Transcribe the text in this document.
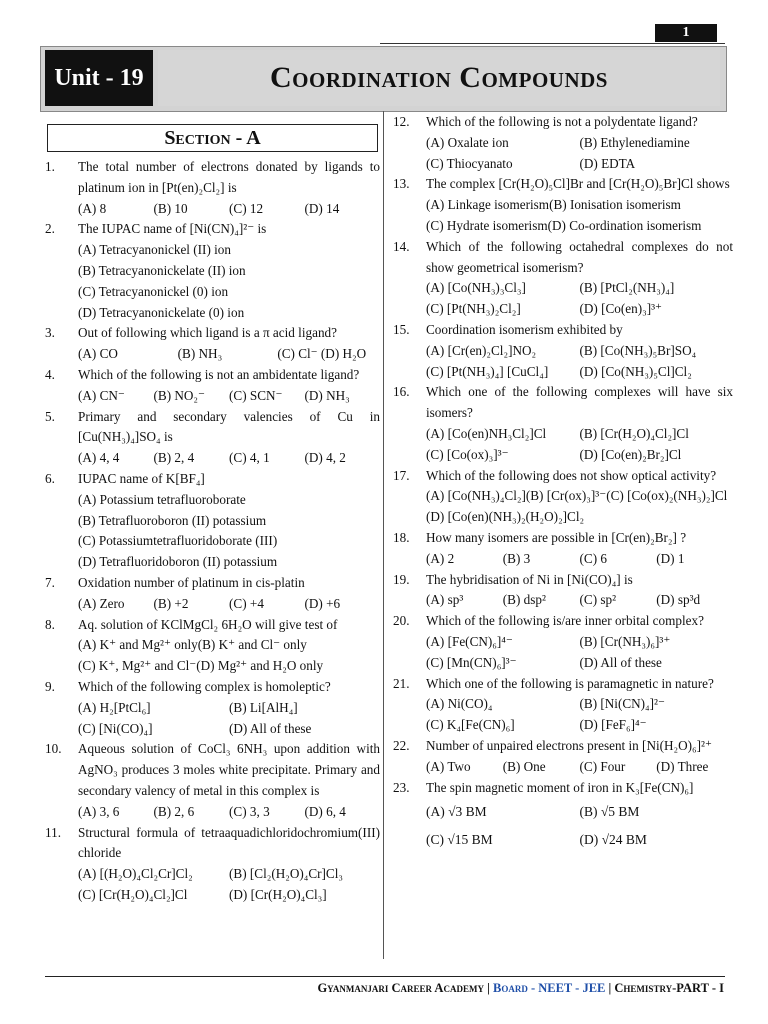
1
Unit - 19	Coordination Compounds
Section - A
1. The total number of electrons donated by ligands to platinum ion in [Pt(en)₂Cl₂] is
(A) 8	(B) 10	(C) 12	(D) 14
2. The IUPAC name of [Ni(CN)₄]²⁻ is
(A) Tetracyanonickel (II) ion
(B) Tetracyanonickelate (II) ion
(C) Tetracyanonickel (0) ion
(D) Tetracyanonickelate (0) ion
3. Out of following which ligand is a π acid ligand?
(A) CO	(B) NH₃	(C) Cl⁻ (D) H₂O
4. Which of the following is not an ambidentate ligand?
(A) CN⁻	(B) NO₂⁻	(C) SCN⁻	(D) NH₃
5. Primary and secondary valencies of Cu in [Cu(NH₃)₄]SO₄ is
(A) 4, 4	(B) 2, 4	(C) 4, 1	(D) 4, 2
6. IUPAC name of K[BF₄]
(A) Potassium tetrafluoroborate
(B) Tetrafluoroboron (II) potassium
(C) Potassiumtetrafluoridoborate (III)
(D) Tetrafluoridoboron (II) potassium
7. Oxidation number of platinum in cis-platin
(A) Zero	(B) +2	(C) +4	(D) +6
8. Aq. solution of KClMgCl₂ 6H₂O will give test of
(A) K⁺ and Mg²⁺ only (B) K⁺ and Cl⁻ only
(C) K⁺, Mg²⁺ and Cl⁻ (D) Mg²⁺ and H₂O only
9. Which of the following complex is homoleptic?
(A) H₂[PtCl₆]	(B) Li[AlH₄]
(C) [Ni(CO)₄]	(D) All of these
10. Aqueous solution of CoCl₃ 6NH₃ upon addition with AgNO₃ produces 3 moles white precipitate. Primary and secondary valency of metal in this complex is
(A) 3, 6	(B) 2, 6	(C) 3, 3	(D) 6, 4
11. Structural formula of tetraaquadichloridochromium(III) chloride
(A) [(H₂O)₄Cl₂Cr]Cl₂	(B) [Cl₂(H₂O)₄Cr]Cl₃
(C) [Cr(H₂O)₄Cl₂]Cl	(D) [Cr(H₂O)₄Cl₃]
12. Which of the following is not a polydentate ligand?
(A) Oxalate ion	(B) Ethylenediamine
(C) Thiocyanato	(D) EDTA
13. The complex [Cr(H₂O)₅Cl]Br and [Cr(H₂O)₅Br]Cl shows
(A) Linkage isomerism (B) Ionisation isomerism
(C) Hydrate isomerism (D) Co-ordination isomerism
14. Which of the following octahedral complexes do not show geometrical isomerism?
(A) [Co(NH₃)₃Cl₃]	(B) [PtCl₂(NH₃)₄]
(C) [Pt(NH₃)₂Cl₂]	(D) [Co(en)₃]³⁺
15. Coordination isomerism exhibited by
(A) [Cr(en)₂Cl₂]NO₂	(B) [Co(NH₃)₅Br]SO₄
(C) [Pt(NH₃)₄] [CuCl₄]	(D) [Co(NH₃)₅Cl]Cl₂
16. Which one of the following complexes will have six isomers?
(A) [Co(en)NH₃Cl₂]Cl	(B) [Cr(H₂O)₄Cl₂]Cl
(C) [Co(ox)₃]³⁻	(D) [Co(en)₂Br₂]Cl
17. Which of the following does not show optical activity?
(A) [Co(NH₃)₄Cl₂] (B) [Cr(ox)₃]³⁻ (C) [Co(ox)₂(NH₃)₂]Cl
(D) [Co(en)(NH₃)₂(H₂O)₂]Cl₂
18. How many isomers are possible in [Cr(en)₂Br₂] ?
(A) 2	(B) 3	(C) 6	(D) 1
19. The hybridisation of Ni in [Ni(CO)₄] is
(A) sp³	(B) dsp²	(C) sp²	(D) sp³d
20. Which of the following is/are inner orbital complex?
(A) [Fe(CN)₆]⁴⁻	(B) [Cr(NH₃)₆]³⁺
(C) [Mn(CN)₆]³⁻	(D) All of these
21. Which one of the following is paramagnetic in nature?
(A) Ni(CO)₄	(B) [Ni(CN)₄]²⁻
(C) K₄[Fe(CN)₆]	(D) [FeF₆]⁴⁻
22. Number of unpaired electrons present in [Ni(H₂O)₆]²⁺
(A) Two	(B) One	(C) Four	(D) Three
23. The spin magnetic moment of iron in K₃[Fe(CN)₆]
(A) √3 BM	(B) √5 BM
(C) √15 BM	(D) √24 BM
Gyanmanjari Career Academy | Board - NEET - JEE | Chemistry-PART - I
